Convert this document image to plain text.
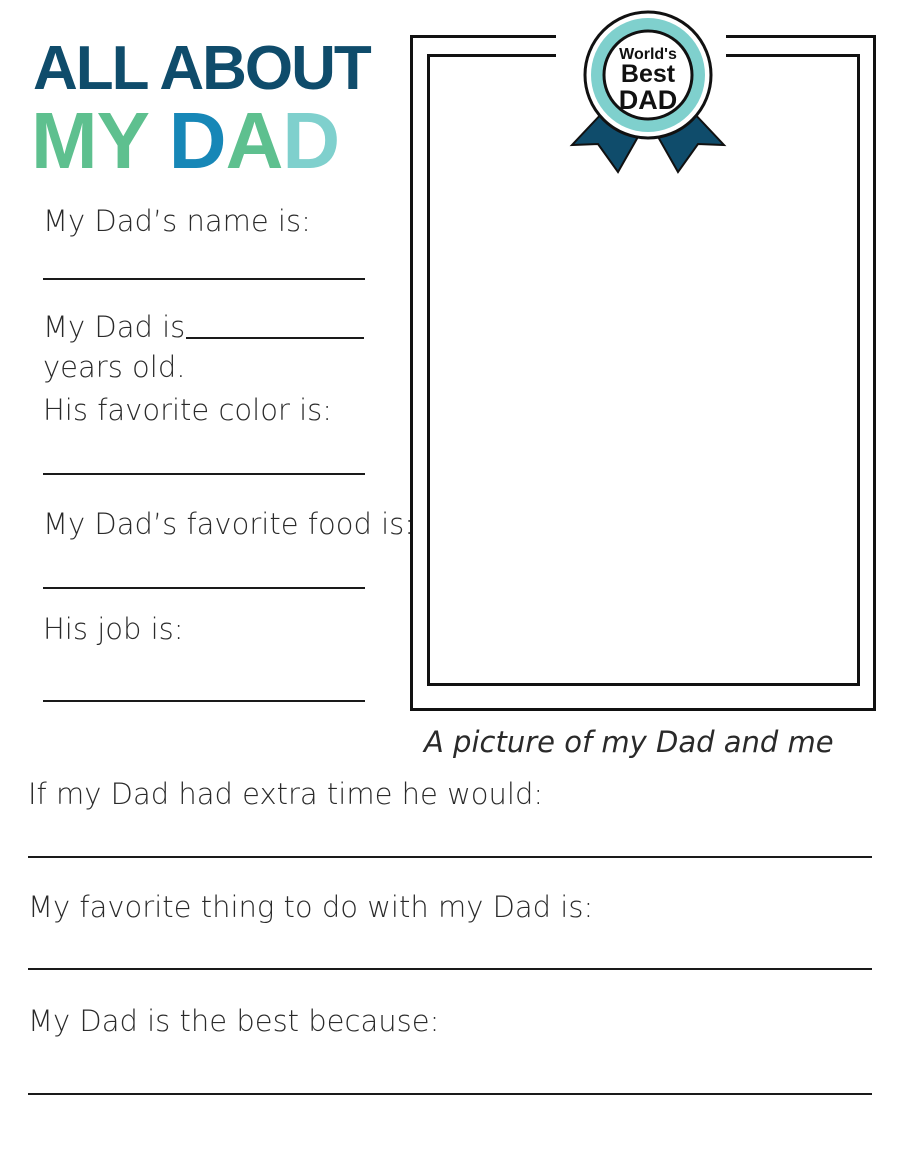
ALL ABOUT
MY DAD
My Dad’s name is:
My Dad is
years old.
His favorite color is:
My Dad’s favorite food is:
His job is:
World's
Best
DAD
A picture of my Dad and me
If my Dad had extra time he would:
My favorite thing to do with my Dad is:
My Dad is the best because:
